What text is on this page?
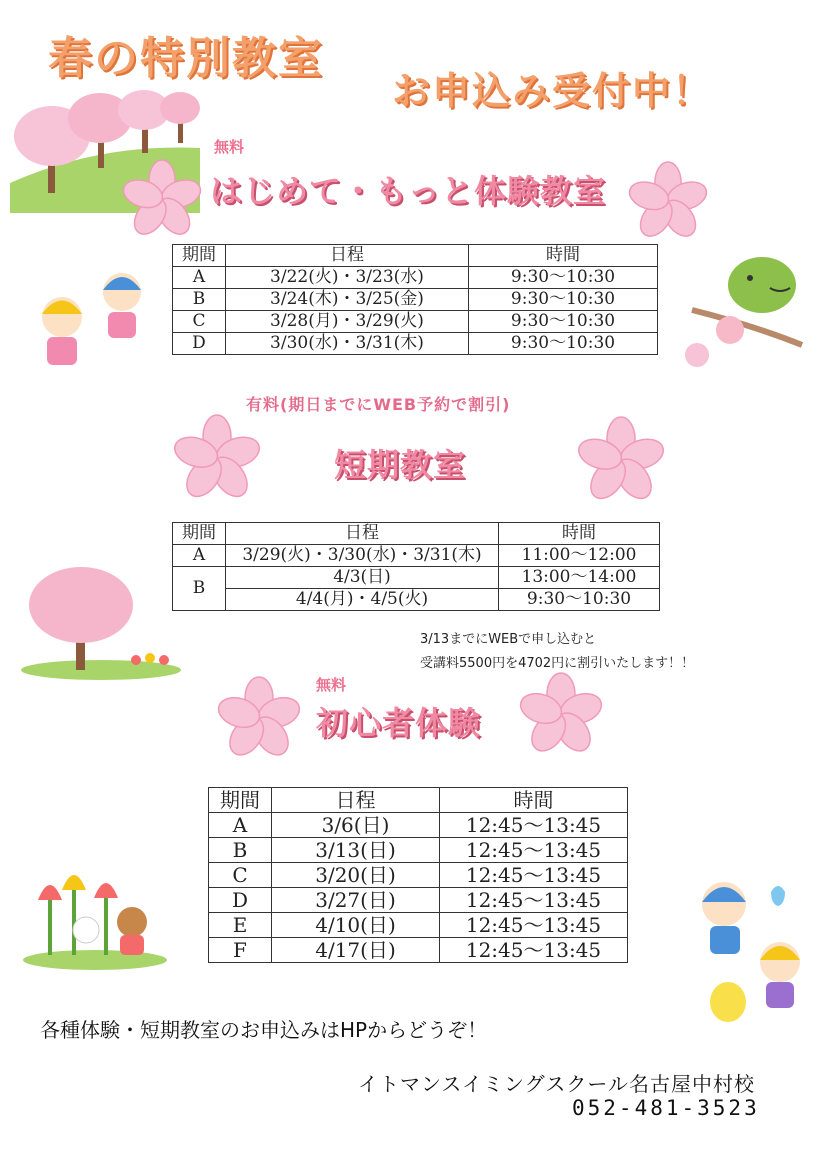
春の特別教室
お申込み受付中！
無料
はじめて・もっと体験教室
期間	日程	時間
A	3/22(火)・3/23(水)	9:30～10:30
B	3/24(木)・3/25(金)	9:30～10:30
C	3/28(月)・3/29(火)	9:30～10:30
D	3/30(水)・3/31(木)	9:30～10:30
有料(期日までにWEB予約で割引)
短期教室
期間	日程	時間
A	3/29(火)・3/30(水)・3/31(木)	11:00～12:00
B	4/3(日)	13:00～14:00
	4/4(月)・4/5(火)	9:30～10:30
3/13までにWEBで申し込むと
受講料5500円を4702円に割引いたします！！
無料
初心者体験
期間	日程	時間
A	3/6(日)	12:45～13:45
B	3/13(日)	12:45～13:45
C	3/20(日)	12:45～13:45
D	3/27(日)	12:45～13:45
E	4/10(日)	12:45～13:45
F	4/17(日)	12:45～13:45
各種体験・短期教室のお申込みはHPからどうぞ！
イトマンスイミングスクール名古屋中村校
052-481-3523
